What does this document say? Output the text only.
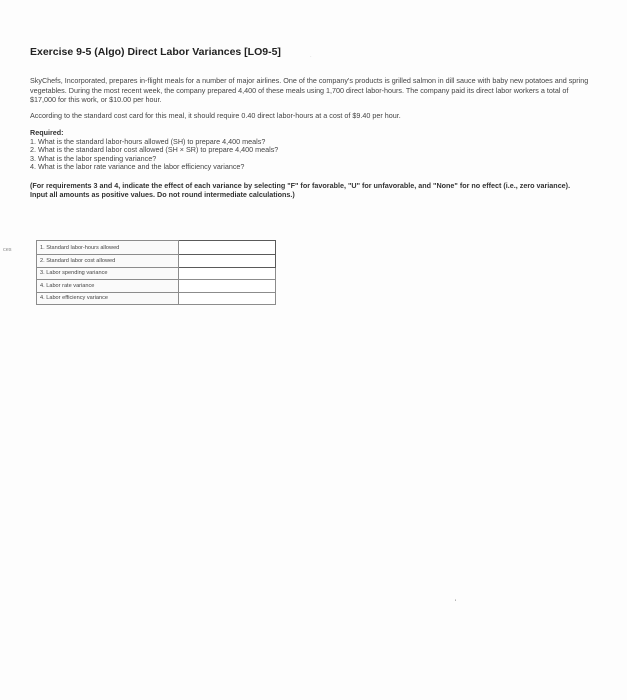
ces
Exercise 9-5 (Algo) Direct Labor Variances [LO9-5]

SkyChefs, Incorporated, prepares in-flight meals for a number of major airlines. One of the company's products is grilled salmon in dill sauce with baby new potatoes and spring vegetables. During the most recent week, the company prepared 4,400 of these meals using 1,700 direct labor-hours. The company paid its direct labor workers a total of $17,000 for this work, or $10.00 per hour.

According to the standard cost card for this meal, it should require 0.40 direct labor-hours at a cost of $9.40 per hour.

Required:
1. What is the standard labor-hours allowed (SH) to prepare 4,400 meals?
2. What is the standard labor cost allowed (SH × SR) to prepare 4,400 meals?
3. What is the labor spending variance?
4. What is the labor rate variance and the labor efficiency variance?
(For requirements 3 and 4, indicate the effect of each variance by selecting "F" for favorable, "U" for unfavorable, and "None" for no effect (i.e., zero variance). Input all amounts as positive values. Do not round intermediate calculations.)
1. Standard labor-hours allowed	

2. Standard labor cost allowed	

3. Labor spending variance	

4. Labor rate variance	

4. Labor efficiency variance	
·
'
